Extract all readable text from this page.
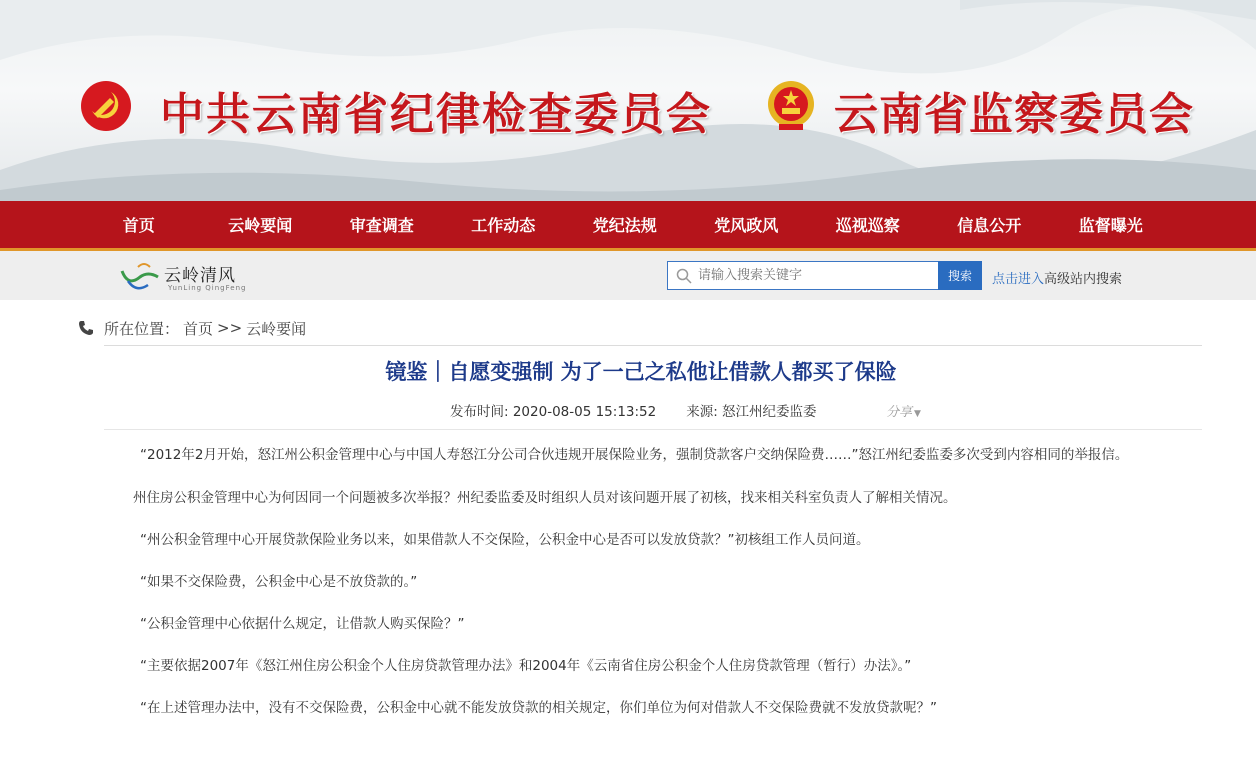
中共云南省纪律检查委员会	云南省监察委员会
首页	云岭要闻	审查调查	工作动态	党纪法规	党风政风	巡视巡察	信息公开	监督曝光
云岭清风
YunLing QingFeng
请输入搜索关键字
搜索	点击进入高级站内搜索
所在位置： 首页 >> 云岭要闻
镜鉴｜自愿变强制 为了一己之私他让借款人都买了保险
发布时间: 2020-08-05 15:13:52 来源: 怒江州纪委监委	分享 ▼

“2012年2月开始，怒江州公积金管理中心与中国人寿怒江分公司合伙违规开展保险业务，强制贷款客户交纳保险费……”怒江州纪委监委多次受到内容相同的举报信。

州住房公积金管理中心为何因同一个问题被多次举报？州纪委监委及时组织人员对该问题开展了初核，找来相关科室负责人了解相关情况。

“州公积金管理中心开展贷款保险业务以来，如果借款人不交保险，公积金中心是否可以发放贷款？”初核组工作人员问道。

“如果不交保险费，公积金中心是不放贷款的。”

“公积金管理中心依据什么规定，让借款人购买保险？”

“主要依据2007年《怒江州住房公积金个人住房贷款管理办法》和2004年《云南省住房公积金个人住房贷款管理（暂行）办法》。”

“在上述管理办法中，没有不交保险费，公积金中心就不能发放贷款的相关规定，你们单位为何对借款人不交保险费就不发放贷款呢？”
